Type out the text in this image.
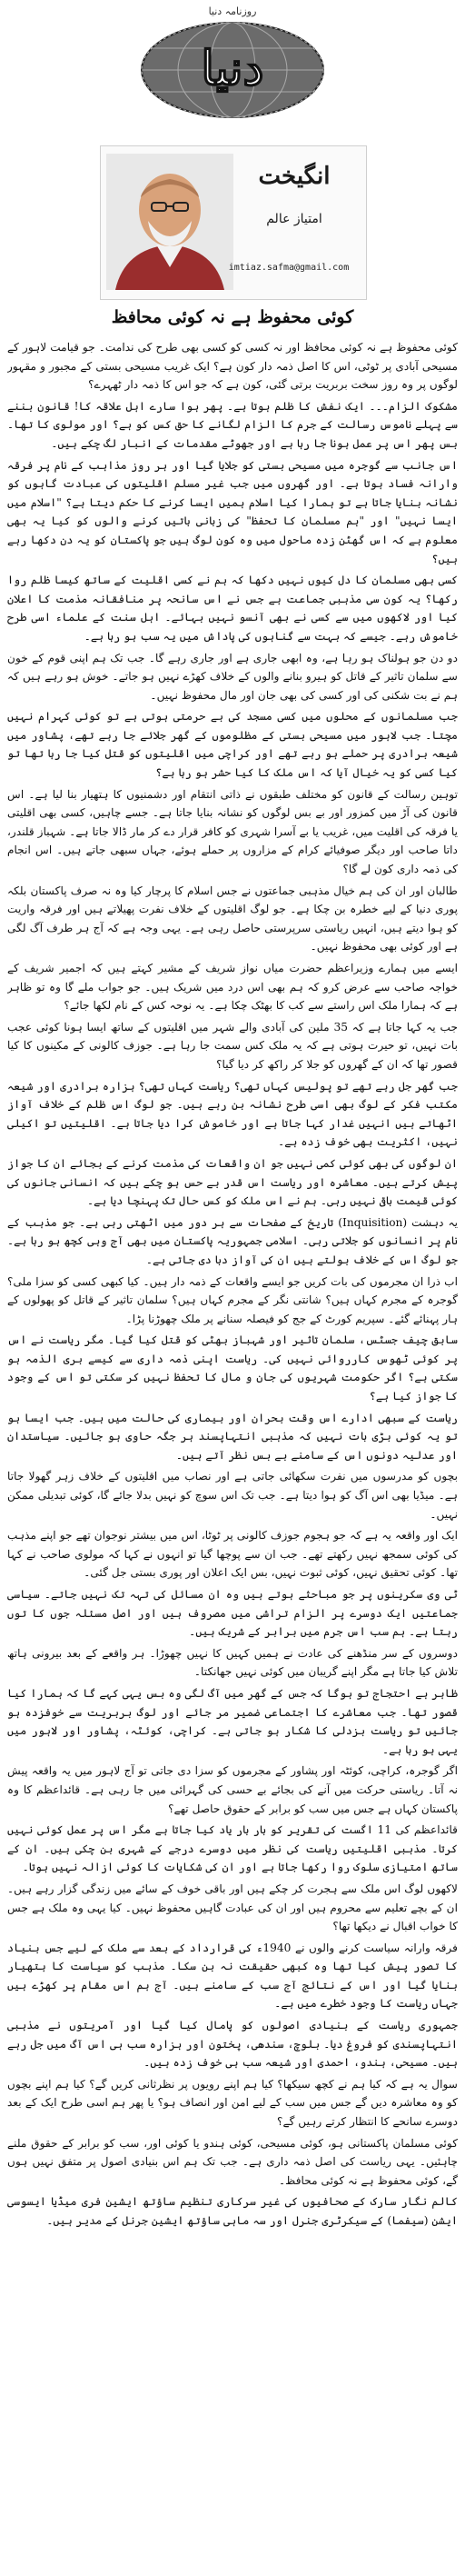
روزنامہ دنیا
دنیا
انگیخت
امتیاز عالم
imtiaz.safma@gmail.com
کوئی محفوظ ہے نہ کوئی محافظ

کوئی محفوظ ہے نہ کوئی محافظ اور نہ کسی کو کسی بھی طرح کی ندامت۔ جو قیامت لاہور کے مسیحی آبادی پر ٹوٹی، اس کا اصل ذمہ دار کون ہے؟ ایک غریب مسیحی بستی کے مجبور و مقہور لوگوں پر وہ روز سخت بربریت برتی گئی، کون ہے کہ جو اس کا ذمہ دار ٹھہرے؟

مشکوک الزام۔۔۔ ایک نفش کا ظلم ہوتا ہے۔ پھر ہوا سارے اہل علاقہ کا! قانون بننے سے پہلے ناموس رسالت کے جرم کا الزام لگانے کا حق کس کو ہے؟ اور مولوی کا تھا۔ بس پھر اس پر عمل ہونا جا رہا ہے اور جھوٹے مقدمات کے انبار لگ چکے ہیں۔

اس جانب سے گوجرہ میں مسیحی بستی کو جلایا گیا اور ہر روز مذاہب کے نام پر فرقہ وارانہ فساد ہوتا ہے۔ اور گھروں میں جب غیر مسلم اقلیتوں کی عبادت گاہوں کو نشانہ بنایا جاتا ہے تو ہمارا کیا اسلام ہمیں ایسا کرنے کا حکم دیتا ہے؟ "اسلام میں ایسا نہیں" اور "ہم مسلمان کا تحفظ" کی زبانی باتیں کرنے والوں کو کیا یہ بھی معلوم ہے کہ اس گھٹن زدہ ماحول میں وہ کون لوگ ہیں جو پاکستان کو یہ دن دکھا رہے ہیں؟

کسی بھی مسلمان کا دل کیوں نہیں دکھا کہ ہم نے کسی اقلیت کے ساتھ کیسا ظلم روا رکھا؟ یہ کون سی مذہبی جماعت ہے جس نے اس سانحہ پر منافقانہ مذمت کا اعلان کیا اور لاکھوں میں سے کسی نے بھی آنسو نہیں بہائے۔ اہل سنت کے علماء اسی طرح خاموش رہے۔ جیسے کہ بہت سے گناہوں کی پاداش میں یہ سب ہو رہا ہے۔

دو دن جو ہولناک ہو رہا ہے، وہ ابھی جاری ہے اور جاری رہے گا۔ جب تک ہم اپنی قوم کے خون سے سلمان تاثیر کے قاتل کو ہیرو بنانے والوں کے خلاف کھڑے نہیں ہو جاتے۔ خوش ہو رہے ہیں کہ ہم نے بت شکنی کی اور کسی کی بھی جان اور مال محفوظ نہیں۔

جب مسلمانوں کے محلوں میں کسی مسجد کی بے حرمتی ہوتی ہے تو کوئی کہرام نہیں مچتا۔ جب لاہور میں مسیحی بستی کے مظلوموں کے گھر جلائے جا رہے تھے، پشاور میں شیعہ برادری پر حملے ہو رہے تھے اور کراچی میں اقلیتوں کو قتل کیا جا رہا تھا تو کیا کسی کو یہ خیال آیا کہ اس ملک کا کیا حشر ہو رہا ہے؟

توہین رسالت کے قانون کو مختلف طبقوں نے ذاتی انتقام اور دشمنیوں کا ہتھیار بنا لیا ہے۔ اس قانون کی آڑ میں کمزور اور بے بس لوگوں کو نشانہ بنایا جاتا ہے۔ جسے چاہیں، کسی بھی اقلیتی یا فرقہ کی اقلیت میں، غریب یا بے آسرا شہری کو کافر قرار دے کر مار ڈالا جاتا ہے۔ شہباز قلندر، داتا صاحب اور دیگر صوفیائے کرام کے مزاروں پر حملے ہوئے، جہاں سبھی جاتے ہیں۔ اس انجام کی ذمہ داری کون لے گا؟

طالبان اور ان کی ہم خیال مذہبی جماعتوں نے جس اسلام کا پرچار کیا وہ نہ صرف پاکستان بلکہ پوری دنیا کے لیے خطرہ بن چکا ہے۔ جو لوگ اقلیتوں کے خلاف نفرت پھیلاتے ہیں اور فرقہ واریت کو ہوا دیتے ہیں، انہیں ریاستی سرپرستی حاصل رہی ہے۔ یہی وجہ ہے کہ آج ہر طرف آگ لگی ہے اور کوئی بھی محفوظ نہیں۔

ایسے میں ہمارے وزیراعظم حضرت میاں نواز شریف کے مشیر کہتے ہیں کہ اجمیر شریف کے خواجہ صاحب سے عرض کرو کہ ہم بھی اس درد میں شریک ہیں۔ جو جواب ملے گا وہ تو ظاہر ہے کہ ہمارا ملک اس راستے سے کب کا بھٹک چکا ہے۔ یہ نوحہ کس کے نام لکھا جائے؟

جب یہ کہا جاتا ہے کہ 35 ملین کی آبادی والے شہر میں اقلیتوں کے ساتھ ایسا ہونا کوئی عجب بات نہیں، تو حیرت ہوتی ہے کہ یہ ملک کس سمت جا رہا ہے۔ جوزف کالونی کے مکینوں کا کیا قصور تھا کہ ان کے گھروں کو جلا کر راکھ کر دیا گیا؟

جب گھر جل رہے تھے تو پولیس کہاں تھی؟ ریاست کہاں تھی؟ ہزارہ برادری اور شیعہ مکتب فکر کے لوگ بھی اسی طرح نشانہ بن رہے ہیں۔ جو لوگ اس ظلم کے خلاف آواز اٹھاتے ہیں انہیں غدار کہا جاتا ہے اور خاموش کرا دیا جاتا ہے۔ اقلیتیں تو اکیلی نہیں، اکثریت بھی خوف زدہ ہے۔

ان لوگوں کی بھی کوئی کمی نہیں جو ان واقعات کی مذمت کرنے کے بجائے ان کا جواز پیش کرتے ہیں۔ معاشرہ اور ریاست اس قدر بے حس ہو چکے ہیں کہ انسانی جانوں کی کوئی قیمت باقی نہیں رہی۔ ہم نے اس ملک کو کس حال تک پہنچا دیا ہے۔

یہ دہشت (Inquisition) تاریخ کے صفحات سے ہر دور میں اٹھتی رہی ہے۔ جو مذہب کے نام پر انسانوں کو جلاتی رہی۔ اسلامی جمہوریہ پاکستان میں بھی آج وہی کچھ ہو رہا ہے۔ جو لوگ اس کے خلاف بولتے ہیں ان کی آواز دبا دی جاتی ہے۔

اب ذرا ان مجرموں کی بات کریں جو ایسے واقعات کے ذمہ دار ہیں۔ کیا کبھی کسی کو سزا ملی؟ گوجرہ کے مجرم کہاں ہیں؟ شانتی نگر کے مجرم کہاں ہیں؟ سلمان تاثیر کے قاتل کو پھولوں کے ہار پہنائے گئے۔ سپریم کورٹ کے جج کو فیصلہ سنانے پر ملک چھوڑنا پڑا۔

سابق چیف جسٹس، سلمان تاثیر اور شہباز بھٹی کو قتل کیا گیا۔ مگر ریاست نے اس پر کوئی ٹھوس کارروائی نہیں کی۔ ریاست اپنی ذمہ داری سے کیسے بری الذمہ ہو سکتی ہے؟ اگر حکومت شہریوں کی جان و مال کا تحفظ نہیں کر سکتی تو اس کے وجود کا جواز کیا ہے؟

ریاست کے سبھی ادارے اس وقت بحران اور بیماری کی حالت میں ہیں۔ جب ایسا ہو تو یہ کوئی بڑی بات نہیں کہ مذہبی انتہاپسند ہر جگہ حاوی ہو جائیں۔ سیاستدان اور عدلیہ دونوں اس کے سامنے بے بس نظر آتے ہیں۔

بچوں کو مدرسوں میں نفرت سکھائی جاتی ہے اور نصاب میں اقلیتوں کے خلاف زہر گھولا جاتا ہے۔ میڈیا بھی اس آگ کو ہوا دیتا ہے۔ جب تک اس سوچ کو نہیں بدلا جائے گا، کوئی تبدیلی ممکن نہیں۔

ایک اور واقعہ یہ ہے کہ جو ہجوم جوزف کالونی پر ٹوٹا، اس میں بیشتر نوجوان تھے جو اپنے مذہب کی کوئی سمجھ نہیں رکھتے تھے۔ جب ان سے پوچھا گیا تو انہوں نے کہا کہ مولوی صاحب نے کہا تھا۔ کوئی تحقیق نہیں، کوئی ثبوت نہیں، بس ایک اعلان اور پوری بستی جل گئی۔

ٹی وی سکرینوں پر جو مباحثے ہوتے ہیں وہ ان مسائل کی تہہ تک نہیں جاتے۔ سیاسی جماعتیں ایک دوسرے پر الزام تراشی میں مصروف ہیں اور اصل مسئلہ جوں کا توں رہتا ہے۔ ہم سب اس جرم میں برابر کے شریک ہیں۔

دوسروں کے سر منڈھنے کی عادت نے ہمیں کہیں کا نہیں چھوڑا۔ ہر واقعے کے بعد بیرونی ہاتھ تلاش کیا جاتا ہے مگر اپنے گریبان میں کوئی نہیں جھانکتا۔

ظاہر ہے احتجاج تو ہوگا کہ جس کے گھر میں آگ لگی وہ بس یہی کہے گا کہ ہمارا کیا قصور تھا۔ جب معاشرے کا اجتماعی ضمیر مر جائے اور لوگ بربریت سے خوفزدہ ہو جائیں تو ریاست بزدلی کا شکار ہو جاتی ہے۔ کراچی، کوئٹہ، پشاور اور لاہور میں یہی ہو رہا ہے۔

اگر گوجرہ، کراچی، کوئٹہ اور پشاور کے مجرموں کو سزا دی جاتی تو آج لاہور میں یہ واقعہ پیش نہ آتا۔ ریاستی حرکت میں آنے کی بجائے بے حسی کی گہرائی میں جا رہی ہے۔ قائداعظم کا وہ پاکستان کہاں ہے جس میں سب کو برابر کے حقوق حاصل تھے؟

قائداعظم کی 11 اگست کی تقریر کو بار بار یاد کیا جاتا ہے مگر اس پر عمل کوئی نہیں کرتا۔ مذہبی اقلیتیں ریاست کی نظر میں دوسرے درجے کے شہری بن چکی ہیں۔ ان کے ساتھ امتیازی سلوک روا رکھا جاتا ہے اور ان کی شکایات کا کوئی ازالہ نہیں ہوتا۔

لاکھوں لوگ اس ملک سے ہجرت کر چکے ہیں اور باقی خوف کے سائے میں زندگی گزار رہے ہیں۔ ان کے بچے تعلیم سے محروم ہیں اور ان کی عبادت گاہیں محفوظ نہیں۔ کیا یہی وہ ملک ہے جس کا خواب اقبال نے دیکھا تھا؟

فرقہ وارانہ سیاست کرنے والوں نے 1940ء کی قرارداد کے بعد سے ملک کے لیے جس بنیاد کا تصور پیش کیا تھا وہ کبھی حقیقت نہ بن سکا۔ مذہب کو سیاست کا ہتھیار بنایا گیا اور اس کے نتائج آج سب کے سامنے ہیں۔ آج ہم اس مقام پر کھڑے ہیں جہاں ریاست کا وجود خطرے میں ہے۔

جمہوری ریاست کے بنیادی اصولوں کو پامال کیا گیا اور آمریتوں نے مذہبی انتہاپسندی کو فروغ دیا۔ بلوچ، سندھی، پختون اور ہزارہ سب ہی اس آگ میں جل رہے ہیں۔ مسیحی، ہندو، احمدی اور شیعہ سب ہی خوف زدہ ہیں۔

سوال یہ ہے کہ کیا ہم نے کچھ سیکھا؟ کیا ہم اپنے رویوں پر نظرثانی کریں گے؟ کیا ہم اپنے بچوں کو وہ معاشرہ دیں گے جس میں سب کے لیے امن اور انصاف ہو؟ یا پھر ہم اسی طرح ایک کے بعد دوسرے سانحے کا انتظار کرتے رہیں گے؟

کوئی مسلمان پاکستانی ہو، کوئی مسیحی، کوئی ہندو یا کوئی اور، سب کو برابر کے حقوق ملنے چاہئیں۔ یہی ریاست کی اصل ذمہ داری ہے۔ جب تک ہم اس بنیادی اصول پر متفق نہیں ہوں گے، کوئی محفوظ ہے نہ کوئی محافظ۔

کالم نگار سارک کے صحافیوں کی غیر سرکاری تنظیم ساؤتھ ایشین فری میڈیا ایسوسی ایشن (سیفما) کے سیکرٹری جنرل اور سہ ماہی ساؤتھ ایشین جرنل کے مدیر ہیں۔
